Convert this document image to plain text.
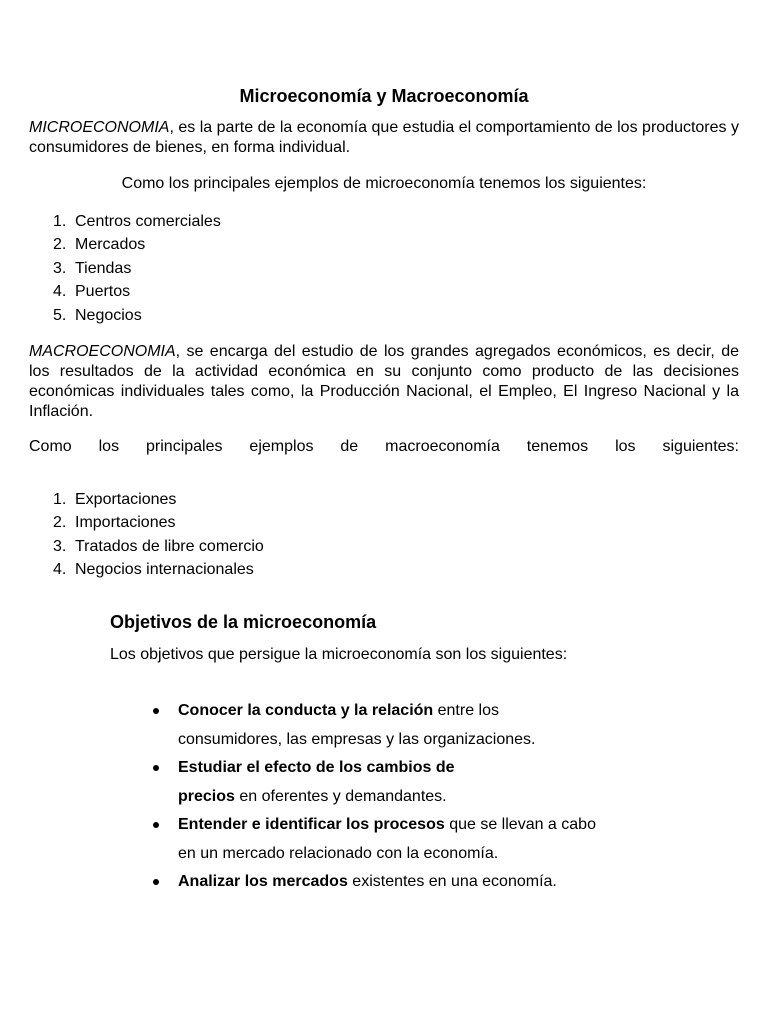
Microeconomía y Macroeconomía
MICROECONOMIA, es la parte de la economía que estudia el comportamiento de los productores y consumidores de bienes, en forma individual.
Como los principales ejemplos de microeconomía tenemos los siguientes:
1. Centros comerciales
2. Mercados
3. Tiendas
4. Puertos
5. Negocios
MACROECONOMIA, se encarga del estudio de los grandes agregados económicos, es decir, de los resultados de la actividad económica en su conjunto como producto de las decisiones económicas individuales tales como, la Producción Nacional, el Empleo, El Ingreso Nacional y la Inflación.
Como los principales ejemplos de macroeconomía tenemos los siguientes:
1. Exportaciones
2. Importaciones
3. Tratados de libre comercio
4. Negocios internacionales
Objetivos de la microeconomía
Los objetivos que persigue la microeconomía son los siguientes:
Conocer la conducta y la relación entre los
consumidores, las empresas y las organizaciones.
Estudiar el efecto de los cambios de
precios en oferentes y demandantes.
Entender e identificar los procesos que se llevan a cabo
en un mercado relacionado con la economía.
Analizar los mercados existentes en una economía.
